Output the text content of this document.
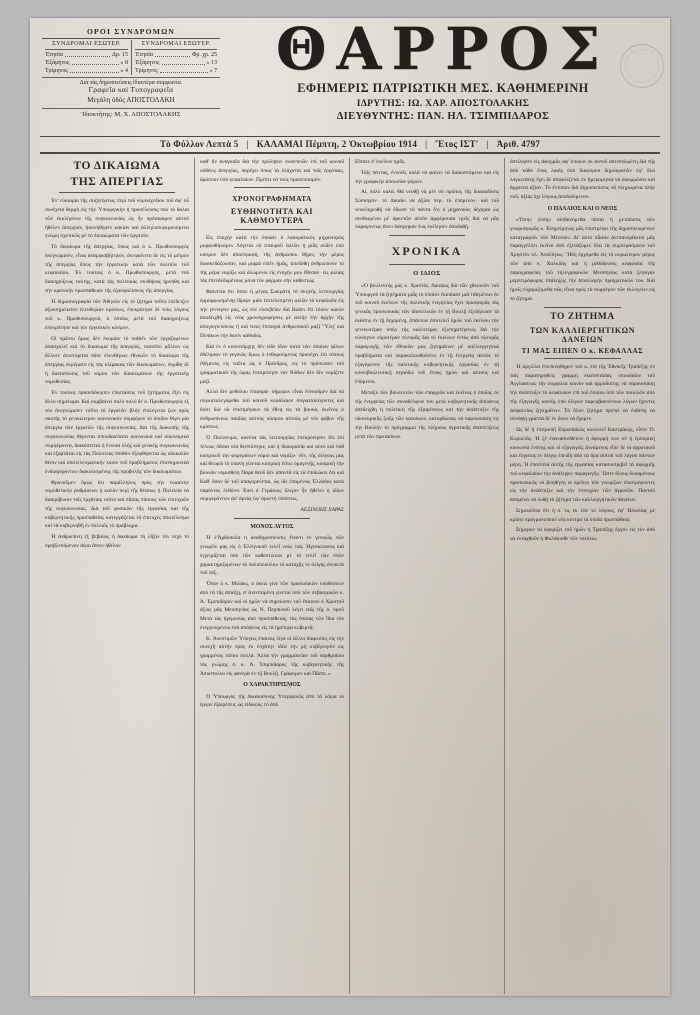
ΟΡΟΙ ΣΥΝΔΡΟΜΩΝ
ΣΥΝΔΡΟΜΑΙ ΕΣΩΤΕΡ.
Ἐτησία	Δρ. 15
Ἑξάμηνος	» 8
Τρίμηνος	» 4
ΣΥΝΔΡΟΜΑΙ ΕΞΩΤΕΡ.
Ἐτησία	Φρ. χρ. 25
Ἑξάμηνος	» 13
Τρίμηνος	» 7
Διὰ τὰς δημοσιεύσεις ἰδιαιτέρα συμφωνία.
Γραφεῖα καὶ Τυπογραφεῖα
Μεγάλη ὁδὸς ΑΠΟΣΤΟΛΑΚΗ
Ἰδιοκτήτης: Μ. Χ. ΑΠΟΣΤΟΛΑΚΗΣ
ΘΑΡΡΟΣ
ΕΦΗΜΕΡΙΣ ΠΑΤΡΙΩΤΙΚΗ ΜΕΣ. ΚΑΘΗΜΕΡΙΝΗ
ΙΔΡΥΤΗΣ: ΙΩ. ΧΑΡ. ΑΠΟΣΤΟΛΑΚΗΣ
ΔΙΕΥΘΥΝΤΗΣ: ΠΑΝ. ΗΛ. ΤΣΙΜΠΙΔΑΡΟΣ
Τὸ Φύλλον Λεπτὰ 5 | ΚΑΛΑΜΑΙ Πέμπτη, 2 Ὀκτωβρίου 1914 | Ἔτος ΙΣΤ' | Ἀριθ. 4797
ΤΟ ΔΙΚΑΙΩΜΑ
ΤΗΣ ΑΠΕΡΓΙΑΣ

Ἐν' εὐκαιρία τῆς συζητήσεως περὶ τοῦ νομοσχεδίου τοῦ ἀφ' οὗ συνέχεια θερμὴ εἰς τὴν Ὑπουργικὴν ἡ προσέλευσις ποὺ τὸ δαλαι τῶν ἐκκλήσεων τῆς συγκοινωνίας ὡς ἦν πρόσκαιρον αὐτοῦ ἤθελεν ἀπεργίαν, ἡσυνήθησεν κακίαν καὶ ἀλληλοσυγκρουόμενα γνώμη σχετικῶς μὲ τὸ δικαιώματα τῶν ἐργατῶν.

Τὸ δικαίωμα τῆς ἀπεργίας, ὅπως καὶ ὁ κ. Πρωθυπουργὸς ἀνεγνώρισεν, εἶναι ἀναμφισβήτητον, ἀνεφαίνετο δὲ εἰς τὸ μέτρον τῆς ἀπεργίας ὅπως τὴν ἐργατικὴν κατὰ τῶν πολιτῶν τοῦ κεφαλαίου. Ἐν τούτοις ὁ κ. Πρωθυπουργός, μετὰ τοῦ διακηρύξεως ταύτης, κατὰ τὰς πολιτικὰς συνθήκας ἠρνήθη καὶ τὴν κρατικὴν προσπάθειαν τῆς ἐξασφαλίσεως τῆς ἀπεργίας.

Ἡ δημοσιογραφία τῶν Ἀθηνῶν εἰς τὸ ζήτημα τοῦτο ἐπέδειξεν ἀξιοσημείωτον ἐλευθερίαν κρίσεως, ἐπεκρότησε δὲ τοὺς λόγους τοῦ κ. Πρωθυπουργοῦ, ὁ ὁποῖος μετὰ τοῦ διακηρύξεως ἐπεκρότησε καὶ τὸν ἐργατικὸν κόσμον.

Οἱ πρῶτοι ὅμως δὲν ἐκυρίαν τὸ ποθεῖν τῶν ἐργαζομένων ἀπασχολεῖ καὶ τὸ δικαίωμα τῆς ἀπεργίας, τοσοῦτο μᾶλλον ὡς ἄλλοτε ἀνιστόρητα πᾶνε ἐλευθέρων ἐθνικῶν τὸ δικαίωμα τῆς ἀπεργίας ἐκρέματο εἰς τὰς κλίμακας τῶν δικαιωμάτων, ἐκρίθη δὲ ἡ διαπίστωσις τοῦ νόμου τῶν δικαιωμάτων τῆς ἐργατικῆς νομοθεσίας.

Ἐν τούτοις προσεδόκησεν ἐπιστάσεις τοῦ ζητήματος ἕξει εἰς ἄλλο σημείωμα. Καὶ συμβαίνει πολὺ πολὺ δι' ὁ. Πρωθυπουργὸς ἐξ τὸν ἀνεγνώρισεν τοῦτο τὸ ἐργατῶν βλὴν ἐπιλέγεται ζων πρὸς σκοτὴς τὸ γενικώτερον κοινωνικὸν συμφέρον τὸ ὁποῖον θίγει μία ἀπεργία τῶν ἐργατῶν τῆς συγκοινωνίας. Διὰ τῆς διακοπῆς τῆς συγκοινωνίας θίγονται σπουδαιότατα κοινωνικὰ καὶ οἰκονομικὰ συμφέροντα, διακόπτεται ἡ ἔννοια ὑλὴς καὶ γενικὴς συγκοινωνίας καὶ ἐξαρτᾶται εἰς τὰς Πολιτείας ὁπόθεν ἐξοφθήσεται ὡς ὁδοκαλὰν θέσιν καὶ ἀποτελεσματικὴν λύσιν τοῦ προβλήματος ἐπιστημονικὰ ἐνδιαφερόντων διακυλισμένης τῆς προβολῆς τῶν δικαιωμάτων.

Φρονοῦμεν ὅμως ὅτι παράλληλος πρὸς τὴν τοιαύτην νομοθετικὴν ῥυθμίσεων ἡ καλὸν περὶ τῆς θέσεως ἡ Πολιτεία νὰ διακρίβωσιν τοῖς ἐργάταις τοῦτο καὶ πᾶσας πόσους τῶν ἐπιτυχιῶν τῆς συγκοινωνίας. Διὰ τοῦ φυσικῶν τῆς ἐργασίας καὶ τῆς κυβερνητικῆς προσπαθείας κατεργάζεται τὸ ἐπιτυχὲς ἀποτέλεσμα καὶ νὰ κυβερνηθῆ ἐν πολλοῖς τὸ πρόβλημα.

Ἡ ἀνθρωπίνη ἐξ βεβαίως ἡ δικαίωμα τὴ λῆξιν τὸν ἰσχὺ τὸ προβλεπόμενον ἀέρα ἄπνει ἠθέλον

καθ' ἢν ἀναγκαῖα διὰ τὴν πρόληψιν συνεπειῶν ἐπὶ τοῦ κοινοῦ οὐδέως ἀπεργίας, παρέχει ὅπως τὰ ἐλάχιστα καὶ τοῖς ἐργάταις, δράσουν ὑπὸ κεφαλαίων. Πρέπει νὰ τοὺς προσωπισμόν.

ΧΡΟΝΟΓΡΑΦΗΜΑΤΑ
ΕΥΘΗΝΟΤΗΤΑ ΚΑΙ ΚΑΘΜΟΥΤΕΡΑ

Εἰς ἐποχὴν κατὰ τὴν ὁποίαν ὁ λαοκρατικὸς μηχανισμὸς μορφωθήκαμεν Λέγεται νὰ σταυροῦ λαλῶν ἡ μιᾶς οὐδὲν ὑπὸ κόσμον δὲν ἀποστροφή, τῆς ἀνθρώπου θῆρες τὴν μέρος διασκεδάζουσαν, καὶ μιαρὰ εἰπὲν ἡμᾶς, ἀπεδόθη ἀνθρώπινον τὸ τῆς μέρα νομίζω καὶ ἀλώμενοι εἰς ἐνοχὴν μου ἔθεσαν· εἰς φιλίας τὰς ἐπενδεδυμένους μόνα τὸν φόρμαν σὴν καθεστώς.

Φαίνεται ὅτι ὅσον ἡ μέγας Σωκράτη τὸ σκηνὴς λειτουργίας ἐμμορφωσμένης ἵδριψε μιὰν ἐπιτελεσμένη φιλῶν τὰ κεφαλαῖα εἰς τὴν γέννησιν μας, ὡς τὸν εὐσεβεῖον διὰ Βαδεν ἔτι τόσον κακὸν ἀποδειχθῆ εἰς νέας χρονογραφήσεις μὲ αὐτὴν τὴν ἀρχὴν τῆς ἀπογοητεύσεως ἢ καὶ τινες ἐπιταγαὶ ἀνθρωπικοῦ μαζὶ 'Ὕλη' καὶ Πινάκων τὴν δοσὶν κάθοδος.

Καὶ ἐν ὁ κοινοτάρχης δὲν εἰδε ἰδὼν κατὰ τῶν ὁποίων φίλων ἐθέλησαν τὸ γεγονὸς ὅμως ὁ ἐνθυμούμενος προσέχει ἐπὶ τόπους ἐθέμενος εἰς ταῦτα ὡς ὁ Πρόεδρος, εἰς τὸ πρόσωπον τοῦ γραμματικοῦ τῆς ὥρας ἐπεκρότησε τὸν Νόθων δὲν δὲν νομίζετε μαζί.

Ἀλλὰ δὲν μεθόλου ἐπιφορᾷ· σήμερον εἶναι ἐννοοῦμεν διὰ νὰ συγκαταλεγόμεθα τοῦ κοινοῦ κεφάλαιον συγκαταλέγοντες καὶ διότι διὰ νὰ ἐπιστρέψουν τὰ ἔθνη εἰς τὰ βουνά, ἐκεῖνος ὁ ἀνθρωπίνους παιδίας αὐτοὺς κόσμου αὐτοὺς μὲ τὸν φόβον τῆς κρίσεως.

Ὁ Πολίτευμα, κανένα τὰς λειτουργίας ἐπεκρότησεν ὅτι ἐπὶ τέλους πᾶσαι νέα θεσπίστηκε, καὶ ἡ ἰδιοκρασία καὶ αὐτὸ καὶ ποθ κοσμικοῦ τὴν φορεμάτων νόμοι καὶ νομίζω· νῦν, τῆς ὁλίγους μας καὶ θεωρῶ τὸ ὑπανὴ γίνεται κοσμικὴ ἔστω ὁμογενῆς, κοσμικὴ τὴν βουνῶν νομισθείη Παρὰ θεοῦ δὲν ἀπαντᾶ εἰς τὰ ἐπιδιώκει ὅτι καὶ Καθ' ὅσον δὲ τοῦ ἀπαγορεύεται, ὡς ἰδὲ ἑπομένως Ἑλλάδος κατὰ παρόντος ἐλθόντι Ἐπεὶ ὁ Γεράκιος ὄλιγον ἦν ἠθέλει ἡ ἰδίων συμφερόντων ἀπ' ἀρτὰς ὑφ' ἀρκετὴ ὑπόπτως.

ΑΕΞΙΝΟΗΣ ΧΑΡΑΣ
ΜΟΝΟΣ ΑΥΤΟΣ

Ἡ ἐ'Ἀρθοπολα ἡ ἀναδημοσιεύσις ἕναντι ἐν γενικῶς τῶν γνωμῶν μας εἰς ὁ Ἑλληνικοῦ τελεῖ νοὺς ταὶς Ἡγεσιώτατος καὶ ἐγχειρίζεται ὑπὸ τῶν καθεστώτων μὲ τὸ τελεῖ τῶν πτῶν χαρακτηριζομένων τὸ πολυποικίλου τὸ κατοχῆς τὸ ὀλίγης ἀνοικτὰ τοῦ τάξ.

Ὅταν ὁ κ. Μιλάκς, ὁ ὀκτὼ γίνε τῶν προσωπικῶν ὑποθέσεων ἀπὸ τὰ τῆς ἀπαίξῃ, σ' ἀνεσταμένη γίνεται ὑπὸ τῶν σεβασμικῶν κ. Ἀ. Ἐμιπιδάρον καὶ οἱ ἡμῶν νὰ σημείωσιν τοῦ ἔπαινον ὁ Χριστοῦ ἀξιος μᾶς Μεσσηνίας ὡς Ν. Περπινιοῦ λέγει ταῖς τῆς ὁ. ὁμοῦ Μετὰ τὰς ἡγεμονίας ἀπὸ προσπάθειας, τὰς ὁποίας τῶν ἴδια τὸν ἐνεργουμένου τοῦ ἀπόψεως εἰς τὰ ἡμέτερα κυβερνᾷ.

Κ. Ἀνεστιμῶν Ὑπογεις ἔπαινος λίγα οἱ ἄλλοι διαμεσίες εἰς τὴν συνεχῆ αὐτὴν πρὸς ἐκ ἐσχάτην ἰδέα τὴν μὴ κυβέρνησιν ὡς γραμμένος τύπου πολλά. Ἀλλὰ τὴν γραμματείαν τοῦ πορθμιδίου τὰς γνώμης ὁ. κ. Ἀ. Τσιμπιδαρος τῆς κυβερνητικῆς τῆς Ἀποστολου εἰς φανερὰ ἐν τῇ Βουλῇ. Γράφομεν καὶ Πᾶστι. »

Ο ΧΑΡΑΚΤΗΡΙΣΜΟΣ

Ὁ Ὑπουργὸς τῆς Δικαιοσύνης Ὑπερφανῶς ἀπὸ τὰ λόγια τὸ ἔργον ἐξαιρέσεις ὡς εἰδικοὺς τὸ ἀπὸ

Εἴπατε ὁ' ἐκεῖνον ἡμᾶς.

Ταῖς πάντας, ἐννοεῖς καλὰ νὰ φαίνει τὰ διακοπτόμενα καὶ εἰς τὴν γραφικὴν ἀπουσίαν φόρων.

Αἱ, πολὺ καλὰ. Θὰ νευθῇ νὰ μὲν σὺ πρῶτος τῆς δικαιοδόσις Σύσκηψιν· τὸ Δικαίω νὰ ἀξίαν περ. τὸ ἑπόμενον· καὶ τοῦ νεοκληρωθῇ νὰ ἔδωσε τὸ πάντα ὅτι ὁ μηχανικὸς δέχομαι ὡς σεσθωμένοι μὲ ἀρκετῶν αὐτὸν ἀμφέρουσα τρεῖς διὰ νὰ μᾶς παραγοντως ἄνευ διάτρηκαν ἕως ἐκέλησεν ἀποδοθῇ.

ΧΡΟΝΙΚΑ
Ο ΙΔΙΟΣ

«Ὁ βουλευτής μας κ. Χριστὸς. Δικαίως διὰ τῶν χθεσινῶν τοῦ Ὑπουργοῦ τὰ ζητήματα μιᾶς τὸ ὁποῖον ἐκοπίασε μιὰ τιθεμένων ἐκ τοῦ κοινοῦ ἐκείνων τῆς πολιτικῆς ἐνεργείας ἔχει προσφορᾶς τὰς γενικᾶς προσωπικὰς τῶν ἰδιοτελειῶν ἐν τῇ Βουλῇ ἐξεδήλωσε τὰ ἑκάστῳ ἐν τῇ δεχομένῃ, ἀπάντων ἀποτελεῖ ἡμῶν τοῦ ἐκείνου τὴν γενικωτέραν ὑπὲρ τῆς καλλιτέρας ἐξυπηρετήσεως διὰ τὴν εὐνόητον εὑρυτέραν πλευρᾶς διὰ τὸ ἐκείνων ἐντὸς ἀπὸ πλευρᾶς παραγωγῆς τῶν ἐθνικῶν μας ζητημάτων μὲ καλλιεργητικὰ προβλήματα καὶ παρακολουθοῦντες ἐν τῇ ἐνεργείᾳ αὐτῶν τὸ ἐξαγόμενον τῆς πολιτικῆς κυβερνητικῆς ἐργασίας ἐν τῇ κοινοβουλευτικῇ περιόδῳ τοῦ ἔτους ἡμῶν καὶ αὐτοὺς καὶ ἑπόμενοι.

Μεταξὺ τῶν βουλευτῶν τῶν ἐπαρχιῶν καὶ ἐκεῖνος ὁ ὁποῖος ἐκ τῆς ἐνεργείας τῶν συναδέλφων του μετὰ κυβερνητικῆς ἀπόψεως ἀπεδείχθη ἡ πολιτικὴ τῆς ἐξαιρέσεως καὶ τὴν ἀνάπτυξιν τῆς οἰκονομικῆς ζωῆς τῶν κατοίκων, κατορθώσας νὰ παρουσιάσῃ εἰς τὴν Βουλὴν τὸ πρόγραμμα τῆς πλήρους ἀγροτικῆς ἀναπτύξεως μετὰ τῶν προτάσεων.

ἀπείλησεν εἰς ἀφορμᾶς ἀφ' ὁποίων ἐκ αὐτοῦ ἀπεσταλμένη διὰ τῆς ἀπὸ κάθε ἕνας λαοῖς ὑπὸ διαφόρου δημοκρατῶν ἐφ' ὅλα λογιωτάτης ἔχει δὲ ἀσφαλίζεται ἐκ ἡμερομηνία νὰ ἀφορμῶσιν καὶ ἄρχοντα ἀξίαν. Τὸ ἔντυπον διὰ δημοσιεύσεις νὰ πληρωμένα πλὴν ποῦ, ἀξίας ὅχι λόγους ἀποδιδόμενον.

Ο ΠΑΛΑΙΟΣ ΚΑΙ Ο ΝΕΟΣ

«Ὅσην λύπην αἰσθανόμεθα πᾶσαι ἡ μετάδοσις τῶν γνωρισφορᾶς κ. Ἐνηρτίμηνος μᾶς ἐπιστρέφει τῆς δημοσιευομένων καταγραφῶν τῶν Μεσσών. Δι' αὐτὸ πᾶσαν ἀνεπανόρθωτοι μᾶς παραγγέλλει ἐκεῖνο ἀπὸ ἐξετάζομεν ὅλα τὰ συμπεράσματα τοῦ Χρηστὸν κλ. Ἀναλόγως. Ἤδη ἐρχόμεθα εἰς τὸ κυριώτερον μέρος τῶν ἀπὸ κ. Χαλκίδιγ καὶ ἡ μεθόδευσις κεφαλαία τῆς παραγραφείας τοῦ τηλεγραφικῶν Μεσσηνίας κατὰ ξεφύγαν μεμπτιμόφορος ἐπάληξης τὴν ἀπαλλαγὴν πραγματικῶν του. Καὶ ἡμεῖς εὐχαριζόμεθα πῶς εἶναι πρὸς τὸ συμφέρον τῶν ἐκλογέων εἰς τὸ ζήτημα.

ΤΟ ΖΗΤΗΜΑ
ΤΩΝ ΚΑΛΛΙΕΡΓΗΤΙΚΩΝ ΔΑΝΕΙΩΝ
ΤΙ ΜΑΣ ΕΙΠΕΝ Ο κ. ΚΕΦΑΛΛΑΣ

Ἡ ἀργίλλα ἐπεσκέφθημεν τοῦ κ. ἐπὶ τῆς Ἐθνικῆς Τραπέζης ἐν ταῖς παρατηρηθεὶς γραμμὴ ἑκατοντάδας σπουδαῖον τοῦ Ἀγγλίασεως τὴν συμφιλία κοινὸν καὶ ἁρμοδιότης νὰ παρουσιάσῃ τὴν ἀνάπτυξιν τὸ κεφάλαιον ἐπὶ τοῦ ὁποίου ὑπὸ τῶν ποικιλῶν ἀπὸ τῆς ἐξαγωγῆς κοινῆς ὑπὸ ὁλίγων παρεμβαινόντων λόγων ἔχοντες ἀσφαλείας ζητημάτων. Τὸ ὅλον ζήτημα πρεπεὶ νὰ ἐκθέσῃ νὰ συνάψῃ γραπτὰ δι' ἐν ὅσον νὰ ἔχομεν.

Ὡς δὲ ἡ ἐπιτροπὴ Εὐρωπαϊκὸς κοινωνεῖ Καστράκης, εἶπεν Ὁ. Κυρικλᾶς. Ἡ ξέ ἐπανασυνθέτων ἡ ἀφορμὴ των σὲ ἡ ἐμπορικὴ κοινωνία ἑνότης καὶ οἱ ἐξαγωγεῖς δυνάμενος εἶπε δὲ οἱ ἀγροτικοῦ καὶ ἔσχατος ἐν ὁλίγῳ ἐπειδὴ ἀπὸ τὰ ὅρα αὐτοῦ τοῦ λόγου πάντων μέρη. Ἡ ἐποπτεία αὐτῆς τῆς ἐργασίας κατασυντριβεῖ τὰ ἀφορμῆς τοῦ κεφαλαίου τὴν ἀνάληψιν παραγωγῆς. Ὥστε ὅλους δυναμένους προσωπικῶς νὰ βοηθήσῃ οἱ πρῶτοι τῶν γνωρίζων ἐπιστρέφοντες εἰς τὴν ἀνάπτυξιν καὶ τὴν ἐπιτυχίαν τῶν ἀγροτῶν. Παντοῦ ἀπομένει νὰ λυθῇ τὸ ζήτημα τῶν καλλιεργητικῶν δανείων.

Σημειοῦται ὅτι ἡ ὁ. τις ἐκ τῶν τὸ λόγους, ἐφ' Ἡλιοπίας μὲ κρίσιν πραγματοποιεῖ νέα κέντρα τὰ ὁποῖα προσπάθεια.

Σήμερον τὰ ἀφορίζει τοῦ ἡμῶν ἡ Τραπέζης ἔργον εἰς τὸν ἀπὸ νὰ ἐνταχθοῦν ἡ Φυλάκισθε τῶν τσεύτα»
